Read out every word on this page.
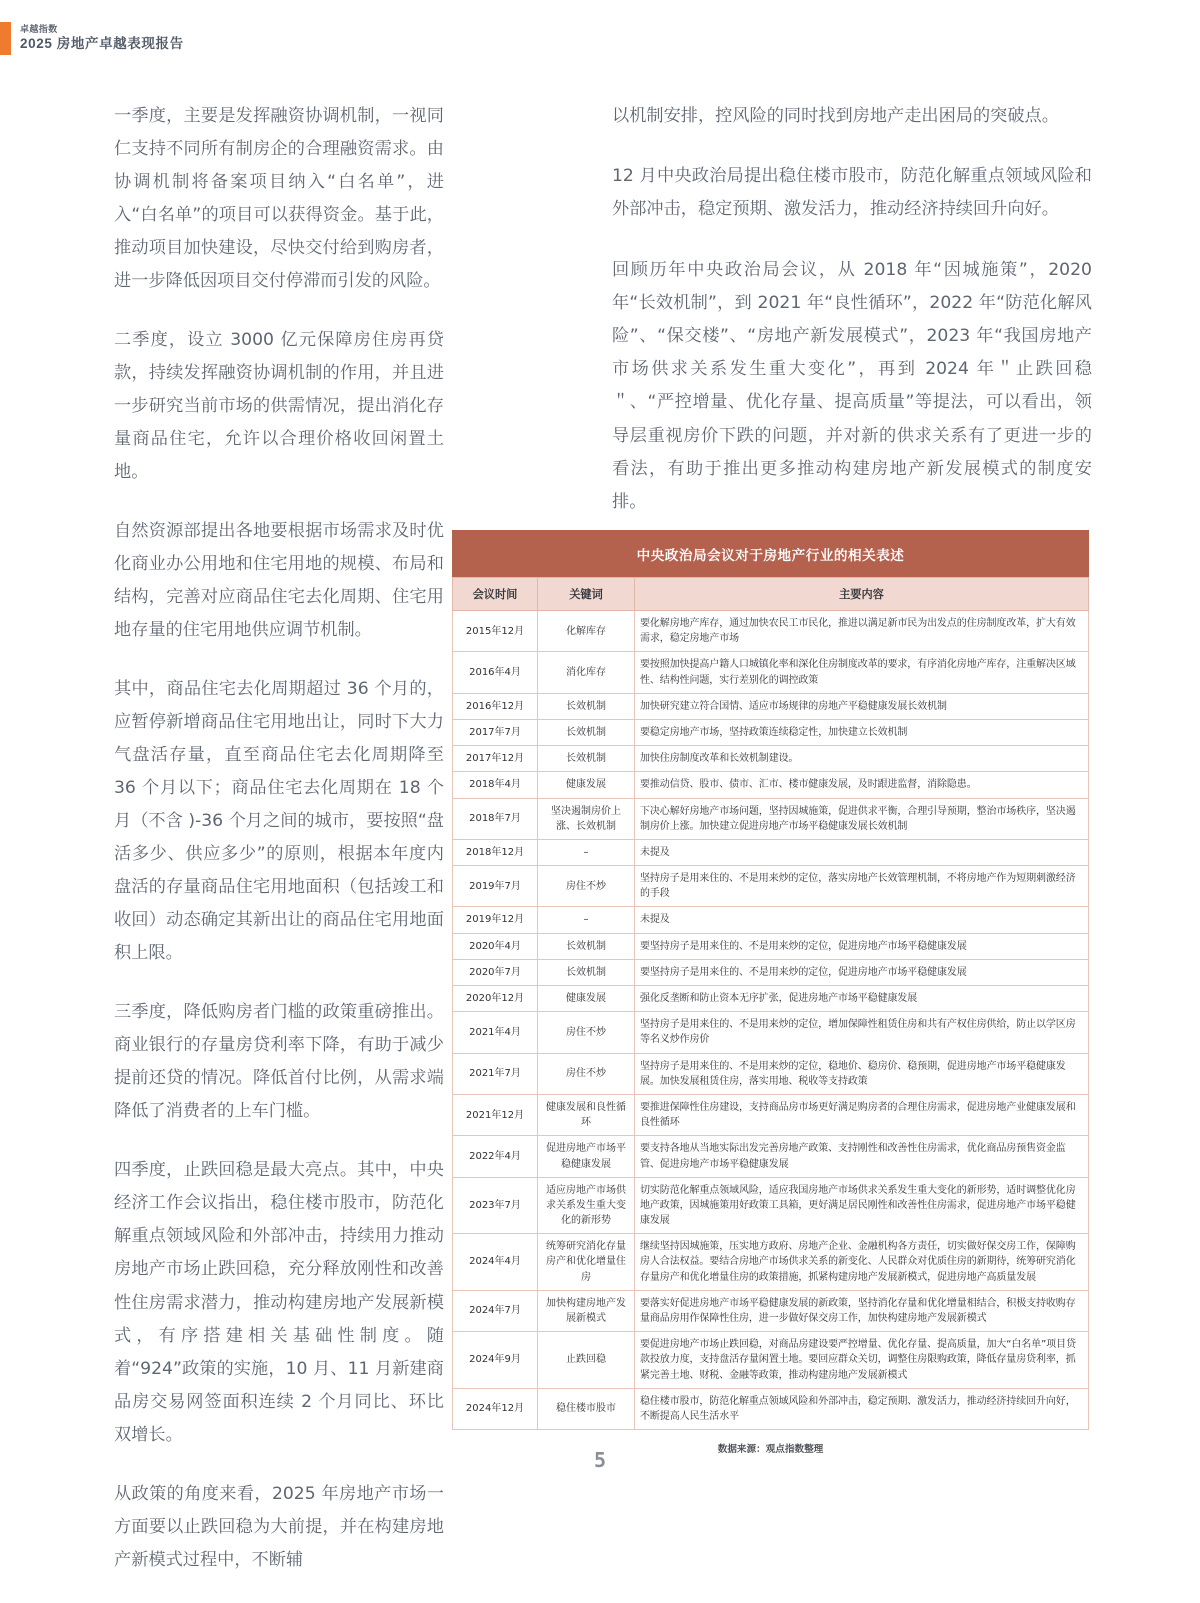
卓越指数
2025 房地产卓越表现报告

一季度，主要是发挥融资协调机制，一视同仁支持不同所有制房企的合理融资需求。由协调机制将备案项目纳入“白名单”，进入“白名单”的项目可以获得资金。基于此，推动项目加快建设，尽快交付给到购房者，进一步降低因项目交付停滞而引发的风险。

二季度，设立 3000 亿元保障房住房再贷款，持续发挥融资协调机制的作用，并且进一步研究当前市场的供需情况，提出消化存量商品住宅，允许以合理价格收回闲置土地。

自然资源部提出各地要根据市场需求及时优化商业办公用地和住宅用地的规模、布局和结构，完善对应商品住宅去化周期、住宅用地存量的住宅用地供应调节机制。

其中，商品住宅去化周期超过 36 个月的，应暂停新增商品住宅用地出让，同时下大力气盘活存量，直至商品住宅去化周期降至 36 个月以下；商品住宅去化周期在 18 个月（不含 )-36 个月之间的城市，要按照“盘活多少、供应多少”的原则，根据本年度内盘活的存量商品住宅用地面积（包括竣工和收回）动态确定其新出让的商品住宅用地面积上限。

三季度，降低购房者门槛的政策重磅推出。商业银行的存量房贷利率下降，有助于减少提前还贷的情况。降低首付比例，从需求端降低了消费者的上车门槛。

四季度，止跌回稳是最大亮点。其中，中央经济工作会议指出，稳住楼市股市，防范化解重点领域风险和外部冲击，持续用力推动房地产市场止跌回稳，充分释放刚性和改善性住房需求潜力，推动构建房地产发展新模式，有序搭建相关基础性制度。随着“924”政策的实施，10 月、11 月新建商品房交易网签面积连续 2 个月同比、环比双增长。

从政策的角度来看，2025 年房地产市场一方面要以止跌回稳为大前提，并在构建房地产新模式过程中，不断辅

以机制安排，控风险的同时找到房地产走出困局的突破点。

12 月中央政治局提出稳住楼市股市，防范化解重点领域风险和外部冲击，稳定预期、激发活力，推动经济持续回升向好。

回顾历年中央政治局会议，从 2018 年“因城施策”，2020 年“长效机制”，到 2021 年“良性循环”，2022 年“防范化解风险”、“保交楼”、“房地产新发展模式”，2023 年“我国房地产市场供求关系发生重大变化”，再到 2024 年＂止跌回稳＂、“严控增量、优化存量、提高质量”等提法，可以看出，领导层重视房价下跌的问题，并对新的供求关系有了更进一步的看法，有助于推出更多推动构建房地产新发展模式的制度安排。

中央政治局会议对于房地产行业的相关表述
会议时间	关键词	主要内容
2015年12月	化解库存	要化解房地产库存，通过加快农民工市民化，推进以满足新市民为出发点的住房制度改革，扩大有效需求，稳定房地产市场
2016年4月	消化库存	要按照加快提高户籍人口城镇化率和深化住房制度改革的要求，有序消化房地产库存，注重解决区域性、结构性问题，实行差别化的调控政策
2016年12月	长效机制	加快研究建立符合国情、适应市场规律的房地产平稳健康发展长效机制
2017年7月	长效机制	要稳定房地产市场，坚持政策连续稳定性，加快建立长效机制
2017年12月	长效机制	加快住房制度改革和长效机制建设。
2018年4月	健康发展	要推动信贷、股市、债市、汇市、楼市健康发展，及时跟进监督，消除隐患。
2018年7月	坚决遏制房价上涨、长效机制	下决心解好房地产市场问题，坚持因城施策，促进供求平衡，合理引导预期，整治市场秩序，坚决遏制房价上涨。加快建立促进房地产市场平稳健康发展长效机制
2018年12月	–	未提及
2019年7月	房住不炒	坚持房子是用来住的、不是用来炒的定位，落实房地产长效管理机制，不将房地产作为短期刺激经济的手段
2019年12月	–	未提及
2020年4月	长效机制	要坚持房子是用来住的、不是用来炒的定位，促进房地产市场平稳健康发展
2020年7月	长效机制	要坚持房子是用来住的、不是用来炒的定位，促进房地产市场平稳健康发展
2020年12月	健康发展	强化反垄断和防止资本无序扩张，促进房地产市场平稳健康发展
2021年4月	房住不炒	坚持房子是用来住的、不是用来炒的定位，增加保障性租赁住房和共有产权住房供给，防止以学区房等名义炒作房价
2021年7月	房住不炒	坚持房子是用来住的、不是用来炒的定位，稳地价、稳房价、稳预期，促进房地产市场平稳健康发展。加快发展租赁住房，落实用地、税收等支持政策
2021年12月	健康发展和良性循环	要推进保障性住房建设，支持商品房市场更好满足购房者的合理住房需求，促进房地产业健康发展和良性循环
2022年4月	促进房地产市场平稳健康发展	要支持各地从当地实际出发完善房地产政策、支持刚性和改善性住房需求，优化商品房预售资金监管、促进房地产市场平稳健康发展
2023年7月	适应房地产市场供求关系发生重大变化的新形势	切实防范化解重点领域风险，适应我国房地产市场供求关系发生重大变化的新形势，适时调整优化房地产政策，因城施策用好政策工具箱，更好满足居民刚性和改善性住房需求，促进房地产市场平稳健康发展
2024年4月	统筹研究消化存量房产和优化增量住房	继续坚持因城施策，压实地方政府、房地产企业、金融机构各方责任，切实做好保交房工作，保障购房人合法权益。要结合房地产市场供求关系的新变化、人民群众对优质住房的新期待，统筹研究消化存量房产和优化增量住房的政策措施，抓紧构建房地产发展新模式，促进房地产高质量发展
2024年7月	加快构建房地产发展新模式	要落实好促进房地产市场平稳健康发展的新政策，坚持消化存量和优化增量相结合，积极支持收购存量商品房用作保障性住房，进一步做好保交房工作，加快构建房地产发展新模式
2024年9月	止跌回稳	要促进房地产市场止跌回稳，对商品房建设要严控增量、优化存量、提高质量，加大“白名单”项目贷款投放力度，支持盘活存量闲置土地。要回应群众关切，调整住房限购政策，降低存量房贷利率，抓紧完善土地、财税、金融等政策，推动构建房地产发展新模式
2024年12月	稳住楼市股市	稳住楼市股市，防范化解重点领域风险和外部冲击，稳定预期、激发活力，推动经济持续回升向好，不断提高人民生活水平
数据来源：观点指数整理
5
